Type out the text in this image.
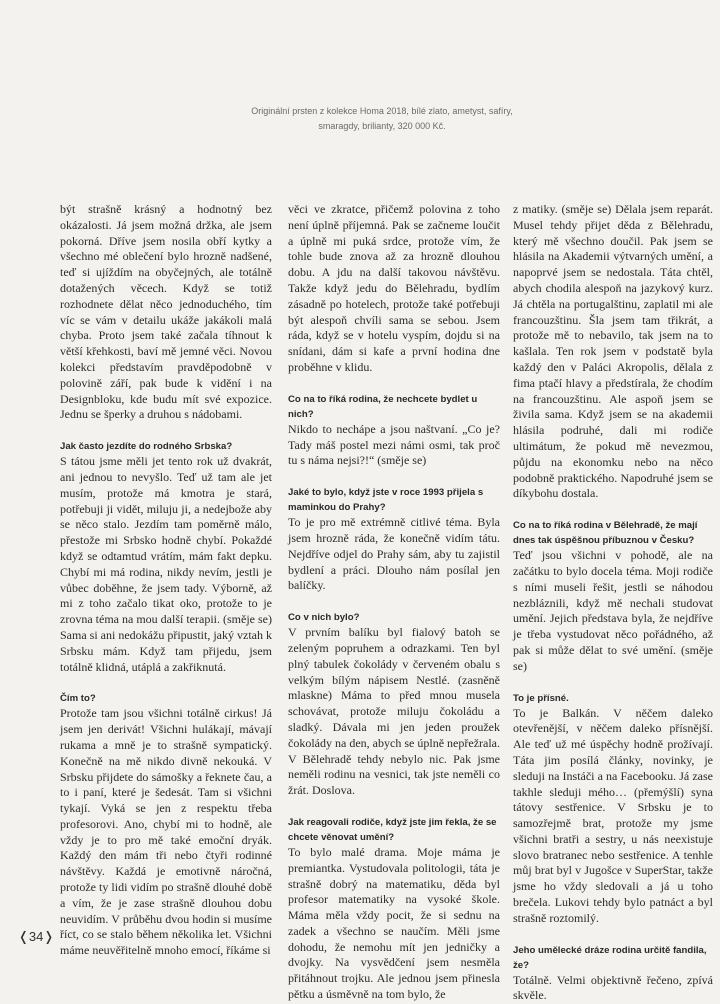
Originální prsten z kolekce Homa 2018, bílé zlato, ametyst, safíry, smaragdy, brilianty, 320 000 Kč.

být strašně krásný a hodnotný bez okázalosti. Já jsem možná držka, ale jsem pokorná. Dříve jsem nosila obří kytky a všechno mé oblečení bylo hrozně nadšené, teď si ujíždím na obyčejných, ale totálně dotažených věcech. Když se totiž rozhodnete dělat něco jednoduchého, tím víc se vám v detailu ukáže jakákoli malá chyba. Proto jsem také začala tíhnout k větší křehkosti, baví mě jemné věci. Novou kolekci představím pravděpodobně v polovině září, pak bude k vidění i na Designbloku, kde budu mít své expozice. Jednu se šperky a druhou s nádobami.

Jak často jezdíte do rodného Srbska?

S tátou jsme měli jet tento rok už dvakrát, ani jednou to nevyšlo. Teď už tam ale jet musím, protože má kmotra je stará, potřebuji ji vidět, miluju ji, a nedejbože aby se něco stalo. Jezdím tam poměrně málo, přestože mi Srbsko hodně chybí. Pokaždé když se odtamtud vrátím, mám fakt depku. Chybí mi má rodina, nikdy nevím, jestli je vůbec doběhne, že jsem tady. Výborně, až mi z toho začalo tikat oko, protože to je zrovna téma na mou další terapii. (směje se) Sama si ani nedokážu připustit, jaký vztah k Srbsku mám. Když tam přijedu, jsem totálně klidná, utáplá a zakřiknutá.

Čím to?

Protože tam jsou všichni totálně cirkus! Já jsem jen derivát! Všichni hulákají, mávají rukama a mně je to strašně sympatický. Konečně na mě nikdo divně nekouká. V Srbsku přijdete do sámošky a řeknete čau, a to i paní, které je šedesát. Tam si všichni tykají. Vyká se jen z respektu třeba profesorovi. Ano, chybí mi to hodně, ale vždy je to pro mě také emoční dryák. Každý den mám tři nebo čtyři rodinné návštěvy. Každá je emotivně náročná, protože ty lidi vidím po strašně dlouhé době a vím, že je zase strašně dlouhou dobu neuvidím. V průběhu dvou hodin si musíme říct, co se stalo během několika let. Všichni máme neuvěřitelně mnoho emocí, říkáme si

věci ve zkratce, přičemž polovina z toho není úplně příjemná. Pak se začneme loučit a úplně mi puká srdce, protože vím, že tohle bude znova až za hrozně dlouhou dobu. A jdu na další takovou návštěvu. Takže když jedu do Bělehradu, bydlím zásadně po hotelech, protože také potřebuji být alespoň chvíli sama se sebou. Jsem ráda, když se v hotelu vyspím, dojdu si na snídani, dám si kafe a první hodina dne proběhne v klidu.

Co na to říká rodina, že nechcete bydlet u nich?

Nikdo to nechápe a jsou naštvaní. „Co je? Tady máš postel mezi námi osmi, tak proč tu s náma nejsi?!“ (směje se)

Jaké to bylo, když jste v roce 1993 přijela s maminkou do Prahy?

To je pro mě extrémně citlivé téma. Byla jsem hrozně ráda, že konečně vidím tátu. Nejdříve odjel do Prahy sám, aby tu zajistil bydlení a práci. Dlouho nám posílal jen balíčky.

Co v nich bylo?

V prvním balíku byl fialový batoh se zeleným popruhem a odrazkami. Ten byl plný tabulek čokolády v červeném obalu s velkým bílým nápisem Nestlé. (zasněně mlaskne) Máma to před mnou musela schovávat, protože miluju čokoládu a sladký. Dávala mi jen jeden proužek čokolády na den, abych se úplně nepřežrala. V Bělehradě tehdy nebylo nic. Pak jsme neměli rodinu na vesnici, tak jste neměli co žrát. Doslova.

Jak reagovali rodiče, když jste jim řekla, že se chcete věnovat umění?

To bylo malé drama. Moje máma je premiantka. Vystudovala politologii, táta je strašně dobrý na matematiku, děda byl profesor matematiky na vysoké škole. Máma měla vždy pocit, že si sednu na zadek a všechno se naučím. Měli jsme dohodu, že nemohu mít jen jedničky a dvojky. Na vysvědčení jsem nesměla přitáhnout trojku. Ale jednou jsem přinesla pětku a úsměvně na tom bylo, že

z matiky. (směje se) Dělala jsem reparát. Musel tehdy přijet děda z Bělehradu, který mě všechno doučil. Pak jsem se hlásila na Akademii výtvarných umění, a napoprvé jsem se nedostala. Táta chtěl, abych chodila alespoň na jazykový kurz. Já chtěla na portugalštinu, zaplatil mi ale francouzštinu. Šla jsem tam třikrát, a protože mě to nebavilo, tak jsem na to kašlala. Ten rok jsem v podstatě byla každý den v Paláci Akropolis, dělala z fima ptačí hlavy a předstírala, že chodím na francouzštinu. Ale aspoň jsem se živila sama. Když jsem se na akademii hlásila podruhé, dali mi rodiče ultimátum, že pokud mě nevezmou, půjdu na ekonomku nebo na něco podobně praktického. Napodruhé jsem se díkybohu dostala.

Co na to říká rodina v Bělehradě, že mají dnes tak úspěšnou příbuznou v Česku?

Teď jsou všichni v pohodě, ale na začátku to bylo docela téma. Moji rodiče s ními museli řešit, jestli se náhodou nezbláznili, když mě nechali studovat umění. Jejich představa byla, že nejdříve je třeba vystudovat něco pořádného, až pak si může dělat to své umění. (směje se)

To je přísné.

To je Balkán. V něčem daleko otevřenější, v něčem daleko přísnější. Ale teď už mé úspěchy hodně prožívají. Táta jim posílá články, novinky, je sleduji na Instáči a na Facebooku. Já zase takhle sleduji mého… (přemýšlí) syna tátovy sestřenice. V Srbsku je to samozřejmě brat, protože my jsme všichni bratři a sestry, u nás neexistuje slovo bratranec nebo sestřenice. A tenhle můj brat byl v Jugošce v SuperStar, takže jsme ho vždy sledovali a já u toho brečela. Lukovi tehdy bylo patnáct a byl strašně roztomilý.

Jeho umělecké dráze rodina určitě fandila, že?

Totálně. Velmi objektivně řečeno, zpívá skvěle.

❬34❭
